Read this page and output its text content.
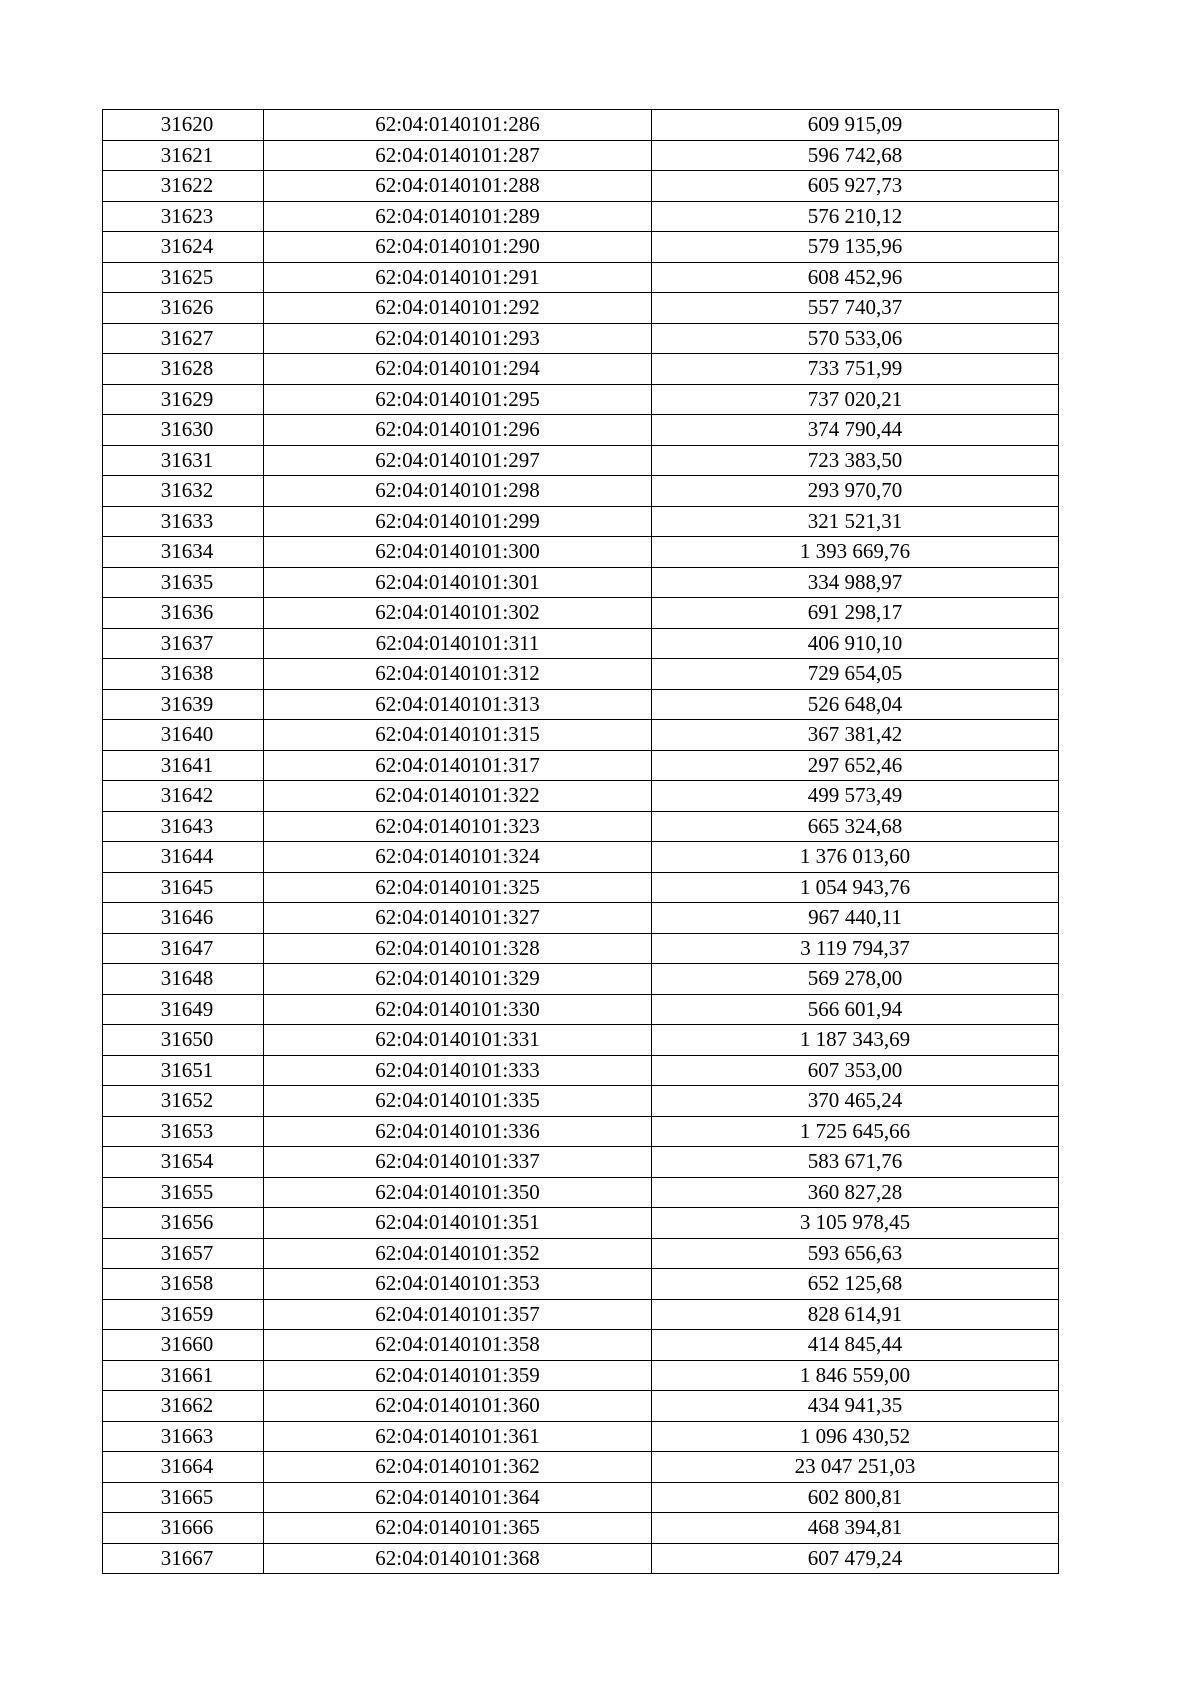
31620	62:04:0140101:286	609 915,09
31621	62:04:0140101:287	596 742,68
31622	62:04:0140101:288	605 927,73
31623	62:04:0140101:289	576 210,12
31624	62:04:0140101:290	579 135,96
31625	62:04:0140101:291	608 452,96
31626	62:04:0140101:292	557 740,37
31627	62:04:0140101:293	570 533,06
31628	62:04:0140101:294	733 751,99
31629	62:04:0140101:295	737 020,21
31630	62:04:0140101:296	374 790,44
31631	62:04:0140101:297	723 383,50
31632	62:04:0140101:298	293 970,70
31633	62:04:0140101:299	321 521,31
31634	62:04:0140101:300	1 393 669,76
31635	62:04:0140101:301	334 988,97
31636	62:04:0140101:302	691 298,17
31637	62:04:0140101:311	406 910,10
31638	62:04:0140101:312	729 654,05
31639	62:04:0140101:313	526 648,04
31640	62:04:0140101:315	367 381,42
31641	62:04:0140101:317	297 652,46
31642	62:04:0140101:322	499 573,49
31643	62:04:0140101:323	665 324,68
31644	62:04:0140101:324	1 376 013,60
31645	62:04:0140101:325	1 054 943,76
31646	62:04:0140101:327	967 440,11
31647	62:04:0140101:328	3 119 794,37
31648	62:04:0140101:329	569 278,00
31649	62:04:0140101:330	566 601,94
31650	62:04:0140101:331	1 187 343,69
31651	62:04:0140101:333	607 353,00
31652	62:04:0140101:335	370 465,24
31653	62:04:0140101:336	1 725 645,66
31654	62:04:0140101:337	583 671,76
31655	62:04:0140101:350	360 827,28
31656	62:04:0140101:351	3 105 978,45
31657	62:04:0140101:352	593 656,63
31658	62:04:0140101:353	652 125,68
31659	62:04:0140101:357	828 614,91
31660	62:04:0140101:358	414 845,44
31661	62:04:0140101:359	1 846 559,00
31662	62:04:0140101:360	434 941,35
31663	62:04:0140101:361	1 096 430,52
31664	62:04:0140101:362	23 047 251,03
31665	62:04:0140101:364	602 800,81
31666	62:04:0140101:365	468 394,81
31667	62:04:0140101:368	607 479,24
